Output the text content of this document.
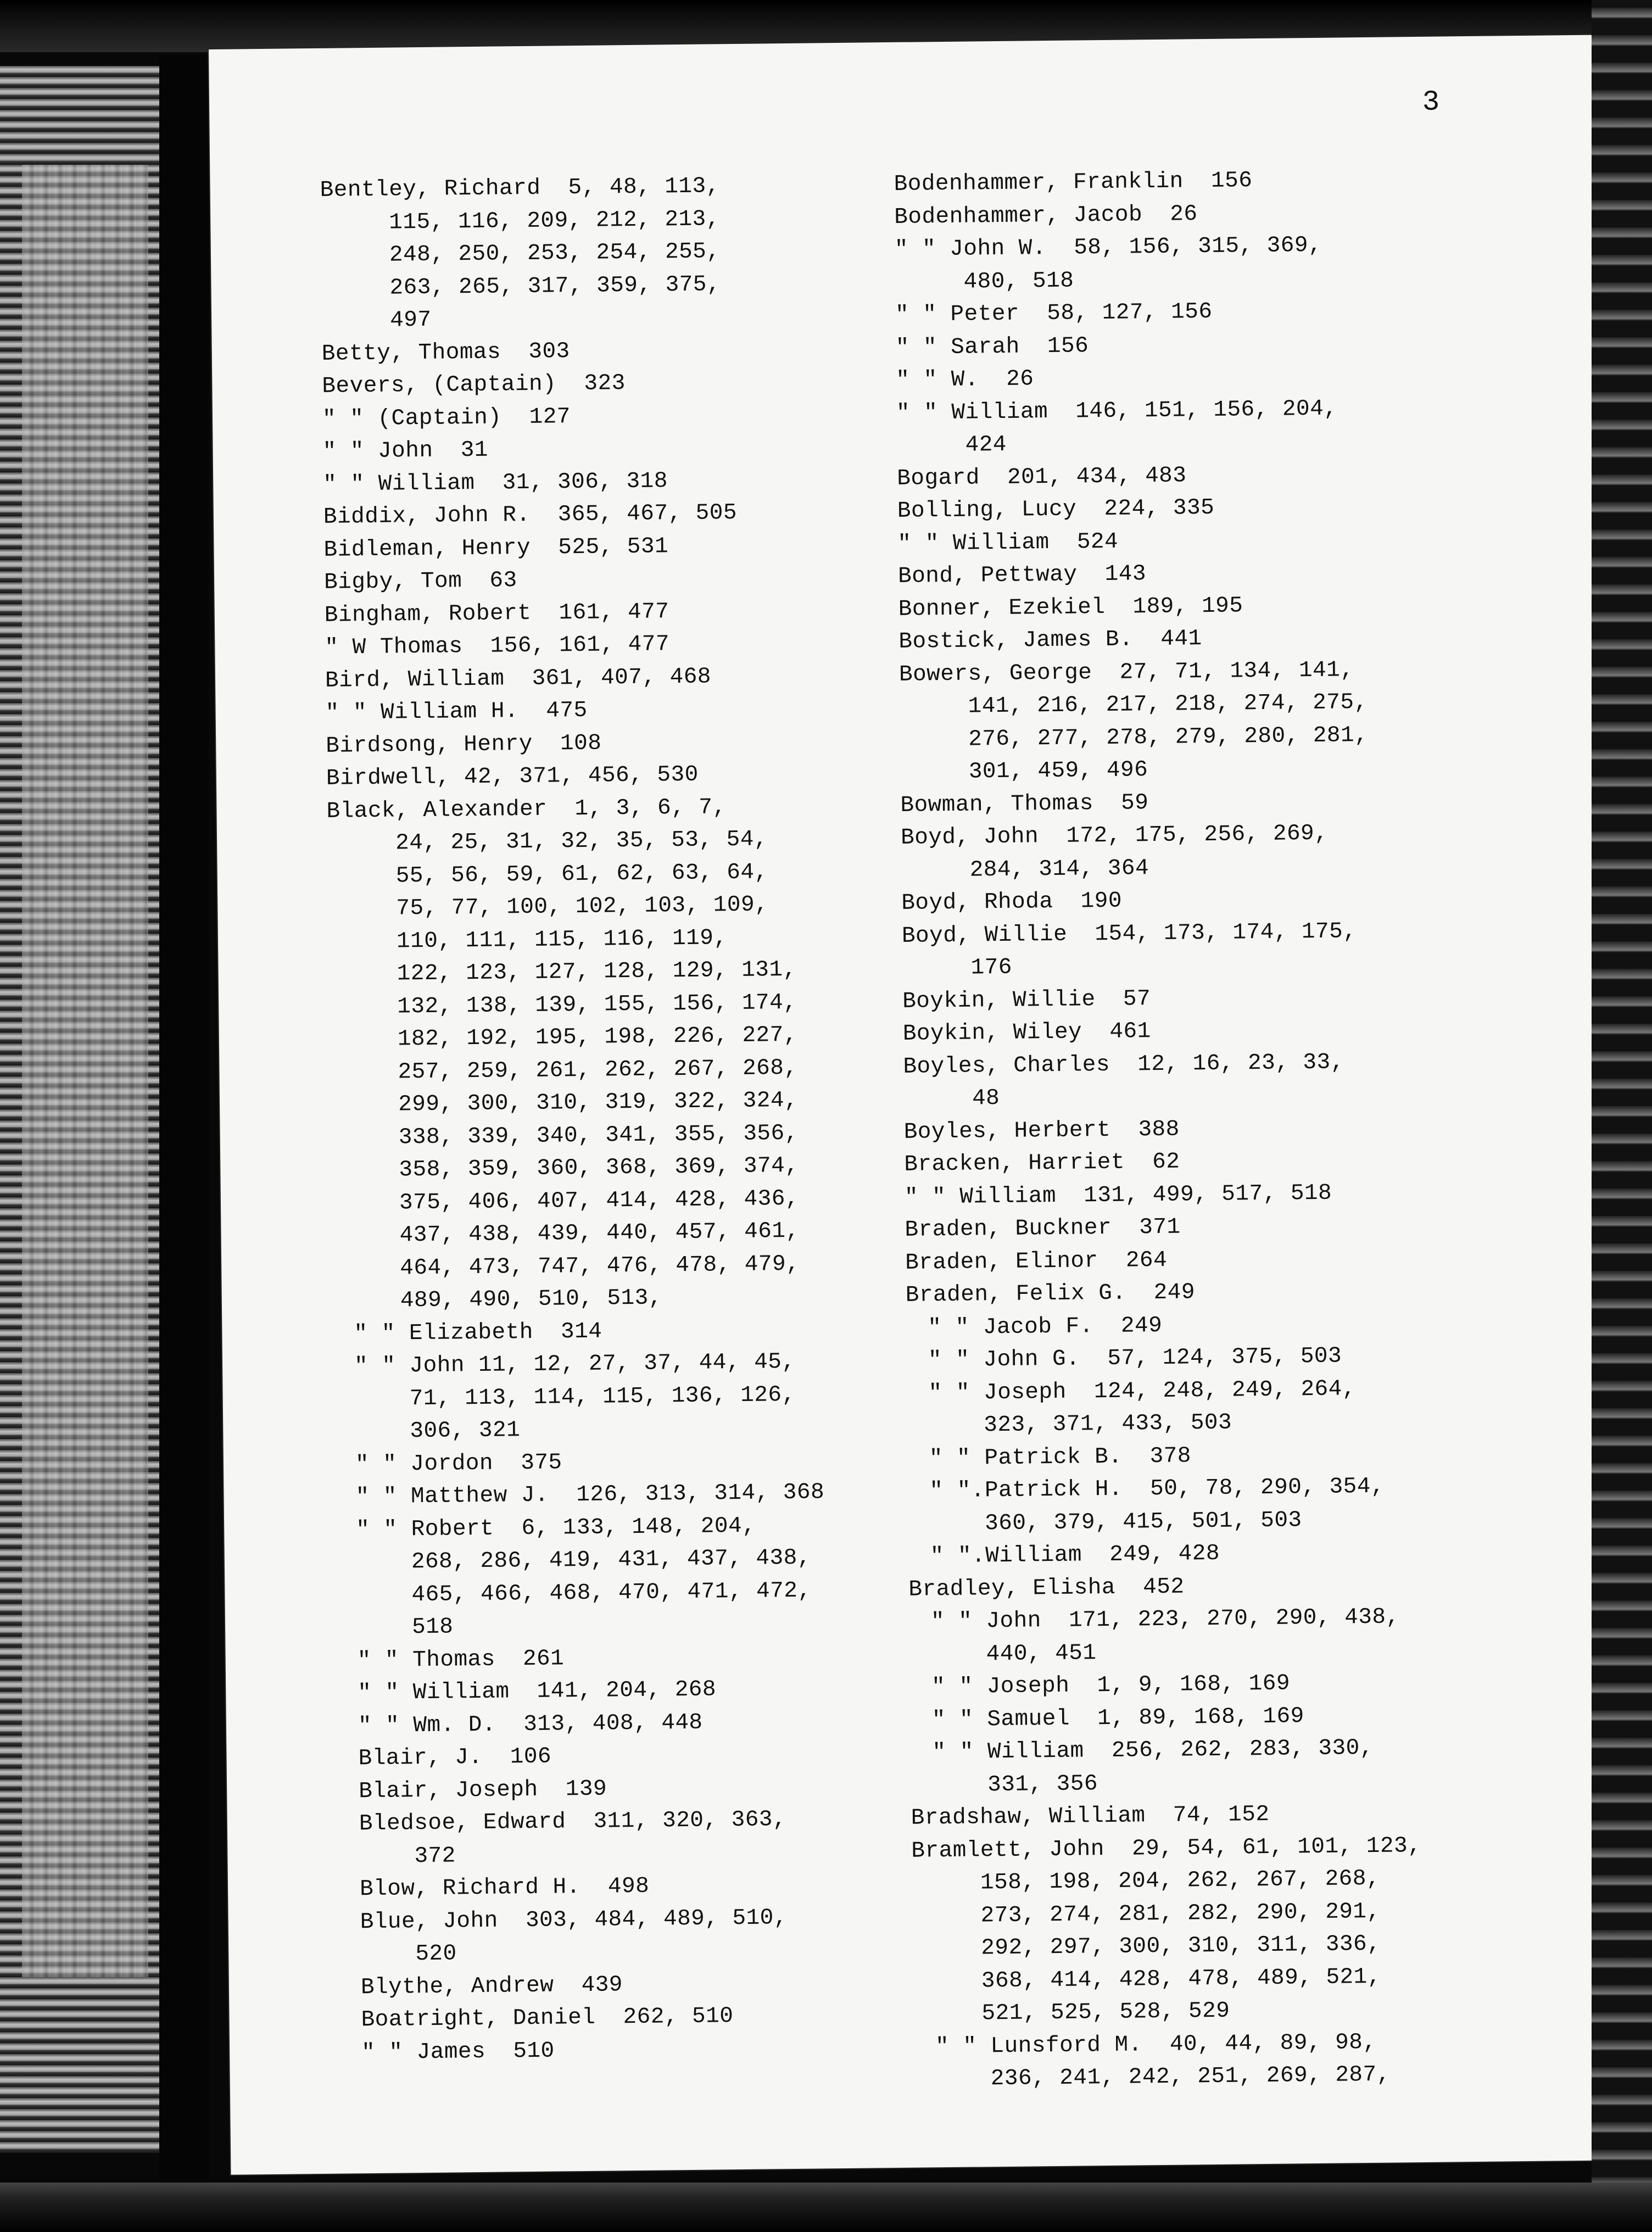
3
Bentley, Richard  5, 48, 113,
115, 116, 209, 212, 213,
248, 250, 253, 254, 255,
263, 265, 317, 359, 375,
497
Betty, Thomas  303
Bevers, (Captain)  323
" " (Captain)  127
" " John  31
" " William  31, 306, 318
Biddix, John R.  365, 467, 505
Bidleman, Henry  525, 531
Bigby, Tom  63
Bingham, Robert  161, 477
" W Thomas  156, 161, 477
Bird, William  361, 407, 468
" " William H.  475
Birdsong, Henry  108
Birdwell, 42, 371, 456, 530
Black, Alexander  1, 3, 6, 7,
24, 25, 31, 32, 35, 53, 54,
55, 56, 59, 61, 62, 63, 64,
75, 77, 100, 102, 103, 109,
110, 111, 115, 116, 119,
122, 123, 127, 128, 129, 131,
132, 138, 139, 155, 156, 174,
182, 192, 195, 198, 226, 227,
257, 259, 261, 262, 267, 268,
299, 300, 310, 319, 322, 324,
338, 339, 340, 341, 355, 356,
358, 359, 360, 368, 369, 374,
375, 406, 407, 414, 428, 436,
437, 438, 439, 440, 457, 461,
464, 473, 747, 476, 478, 479,
489, 490, 510, 513,
" " Elizabeth  314
" " John 11, 12, 27, 37, 44, 45,
71, 113, 114, 115, 136, 126,
306, 321
" " Jordon  375
" " Matthew J.  126, 313, 314, 368
" " Robert  6, 133, 148, 204,
268, 286, 419, 431, 437, 438,
465, 466, 468, 470, 471, 472,
518
" " Thomas  261
" " William  141, 204, 268
" " Wm. D.  313, 408, 448
Blair, J.  106
Blair, Joseph  139
Bledsoe, Edward  311, 320, 363,
372
Blow, Richard H.  498
Blue, John  303, 484, 489, 510,
520
Blythe, Andrew  439
Boatright, Daniel  262, 510
" " James  510
Bodenhammer, Franklin  156
Bodenhammer, Jacob  26
" " John W.  58, 156, 315, 369,
480, 518
" " Peter  58, 127, 156
" " Sarah  156
" " W.  26
" " William  146, 151, 156, 204,
424
Bogard  201, 434, 483
Bolling, Lucy  224, 335
" " William  524
Bond, Pettway  143
Bonner, Ezekiel  189, 195
Bostick, James B.  441
Bowers, George  27, 71, 134, 141,
141, 216, 217, 218, 274, 275,
276, 277, 278, 279, 280, 281,
301, 459, 496
Bowman, Thomas  59
Boyd, John  172, 175, 256, 269,
284, 314, 364
Boyd, Rhoda  190
Boyd, Willie  154, 173, 174, 175,
176
Boykin, Willie  57
Boykin, Wiley  461
Boyles, Charles  12, 16, 23, 33,
48
Boyles, Herbert  388
Bracken, Harriet  62
" " William  131, 499, 517, 518
Braden, Buckner  371
Braden, Elinor  264
Braden, Felix G.  249
" " Jacob F.  249
" " John G.  57, 124, 375, 503
" " Joseph  124, 248, 249, 264,
323, 371, 433, 503
" " Patrick B.  378
" ".Patrick H.  50, 78, 290, 354,
360, 379, 415, 501, 503
" ".William  249, 428
Bradley, Elisha  452
" " John  171, 223, 270, 290, 438,
440, 451
" " Joseph  1, 9, 168, 169
" " Samuel  1, 89, 168, 169
" " William  256, 262, 283, 330,
331, 356
Bradshaw, William  74, 152
Bramlett, John  29, 54, 61, 101, 123,
158, 198, 204, 262, 267, 268,
273, 274, 281, 282, 290, 291,
292, 297, 300, 310, 311, 336,
368, 414, 428, 478, 489, 521,
521, 525, 528, 529
" " Lunsford M.  40, 44, 89, 98,
236, 241, 242, 251, 269, 287,
